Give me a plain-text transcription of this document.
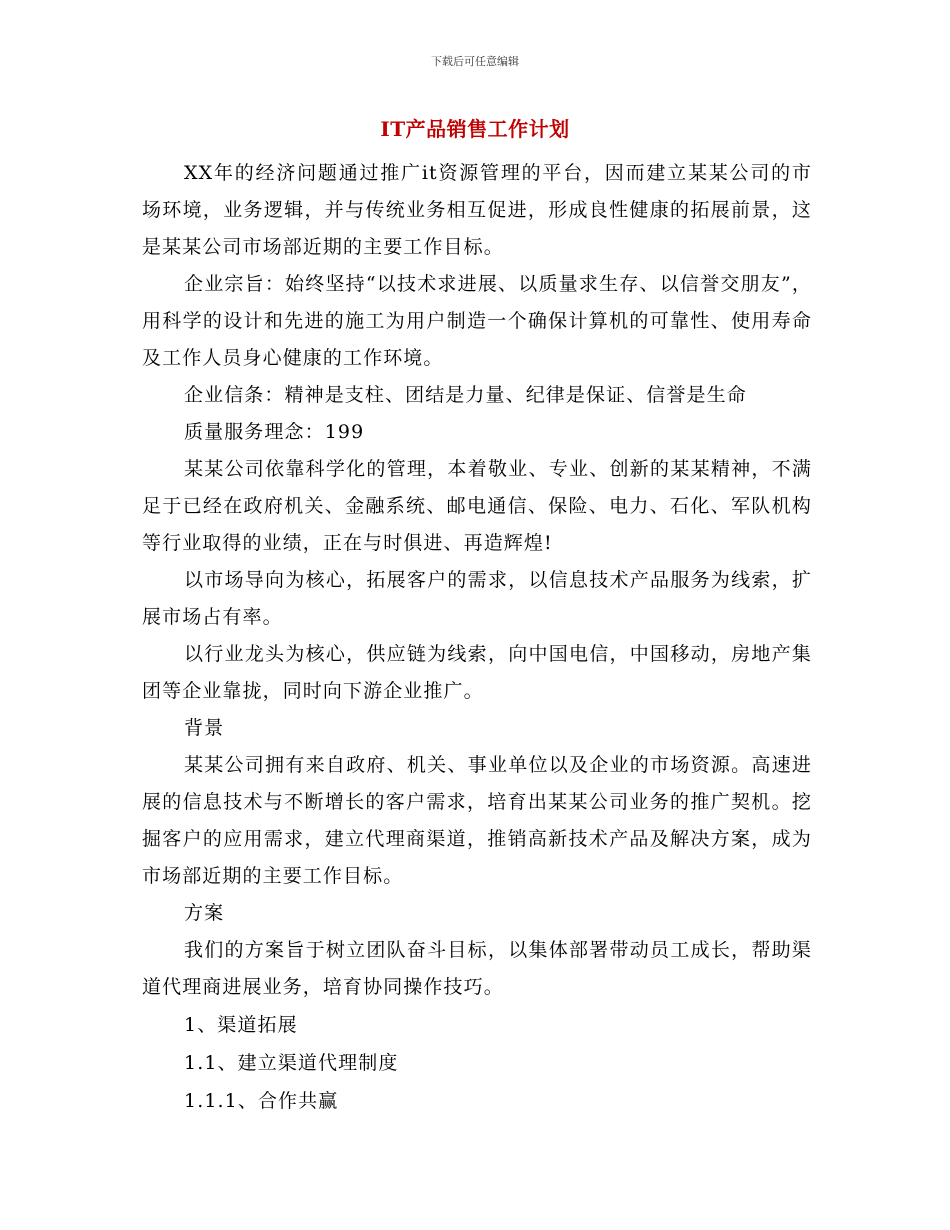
下载后可任意编辑
IT产品销售工作计划

XX年的经济问题通过推广it资源管理的平台，因而建立某某公司的市场环境，业务逻辑，并与传统业务相互促进，形成良性健康的拓展前景，这是某某公司市场部近期的主要工作目标。

企业宗旨：始终坚持“以技术求进展、以质量求生存、以信誉交朋友”，用科学的设计和先进的施工为用户制造一个确保计算机的可靠性、使用寿命及工作人员身心健康的工作环境。

企业信条：精神是支柱、团结是力量、纪律是保证、信誉是生命

质量服务理念：199

某某公司依靠科学化的管理，本着敬业、专业、创新的某某精神，不满足于已经在政府机关、金融系统、邮电通信、保险、电力、石化、军队机构等行业取得的业绩，正在与时俱进、再造辉煌!

以市场导向为核心，拓展客户的需求，以信息技术产品服务为线索，扩展市场占有率。

以行业龙头为核心，供应链为线索，向中国电信，中国移动，房地产集团等企业靠拢，同时向下游企业推广。

背景

某某公司拥有来自政府、机关、事业单位以及企业的市场资源。高速进展的信息技术与不断增长的客户需求，培育出某某公司业务的推广契机。挖掘客户的应用需求，建立代理商渠道，推销高新技术产品及解决方案，成为市场部近期的主要工作目标。

方案

我们的方案旨于树立团队奋斗目标，以集体部署带动员工成长，帮助渠道代理商进展业务，培育协同操作技巧。

1、渠道拓展

1.1、建立渠道代理制度

1.1.1、合作共赢
